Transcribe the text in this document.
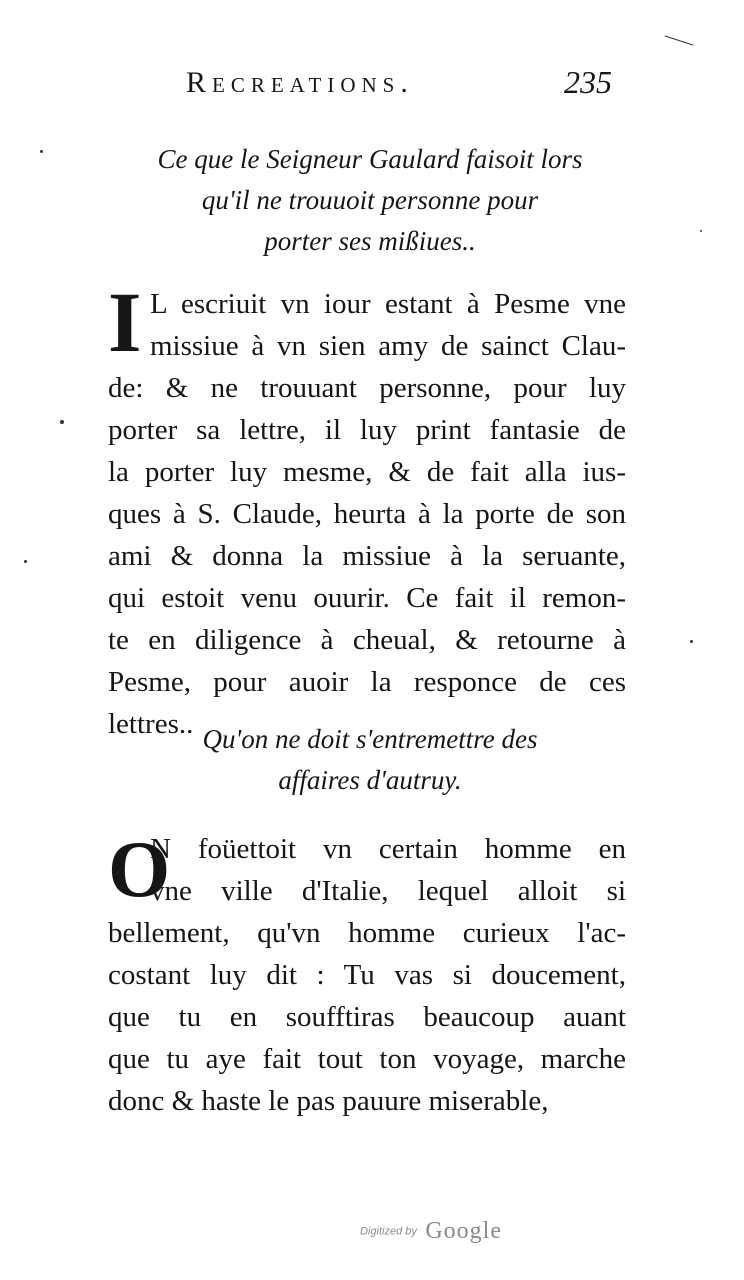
Recreations.	235
Ce que le Seigneur Gaulard faisoit lors
qu'il ne trouuoit personne pour
porter ses mißiues..
I L escriuit vn iour estant à Pesme vne
missiue à vn sien amy de sainct Clau-
de: & ne trouuant personne, pour luy
porter sa lettre, il luy print fantasie de
la porter luy mesme, & de fait alla ius-
ques à S. Claude, heurta à la porte de son
ami & donna la missiue à la seruante,
qui estoit venu ouurir. Ce fait il remon-
te en diligence à cheual, & retourne à
Pesme, pour auoir la responce de ces
lettres.. Qu'on ne doit s'entremettre des
affaires d'autruy.
O
N foüettoit vn certain homme en
vne ville d'Italie, lequel alloit si
bellement, qu'vn homme curieux l'ac-
costant luy dit : Tu vas si doucement,
que tu en soufftiras beaucoup auant
que tu aye fait tout ton voyage, marche
donc & haste le pas pauure miserable,
Digitized by Google
